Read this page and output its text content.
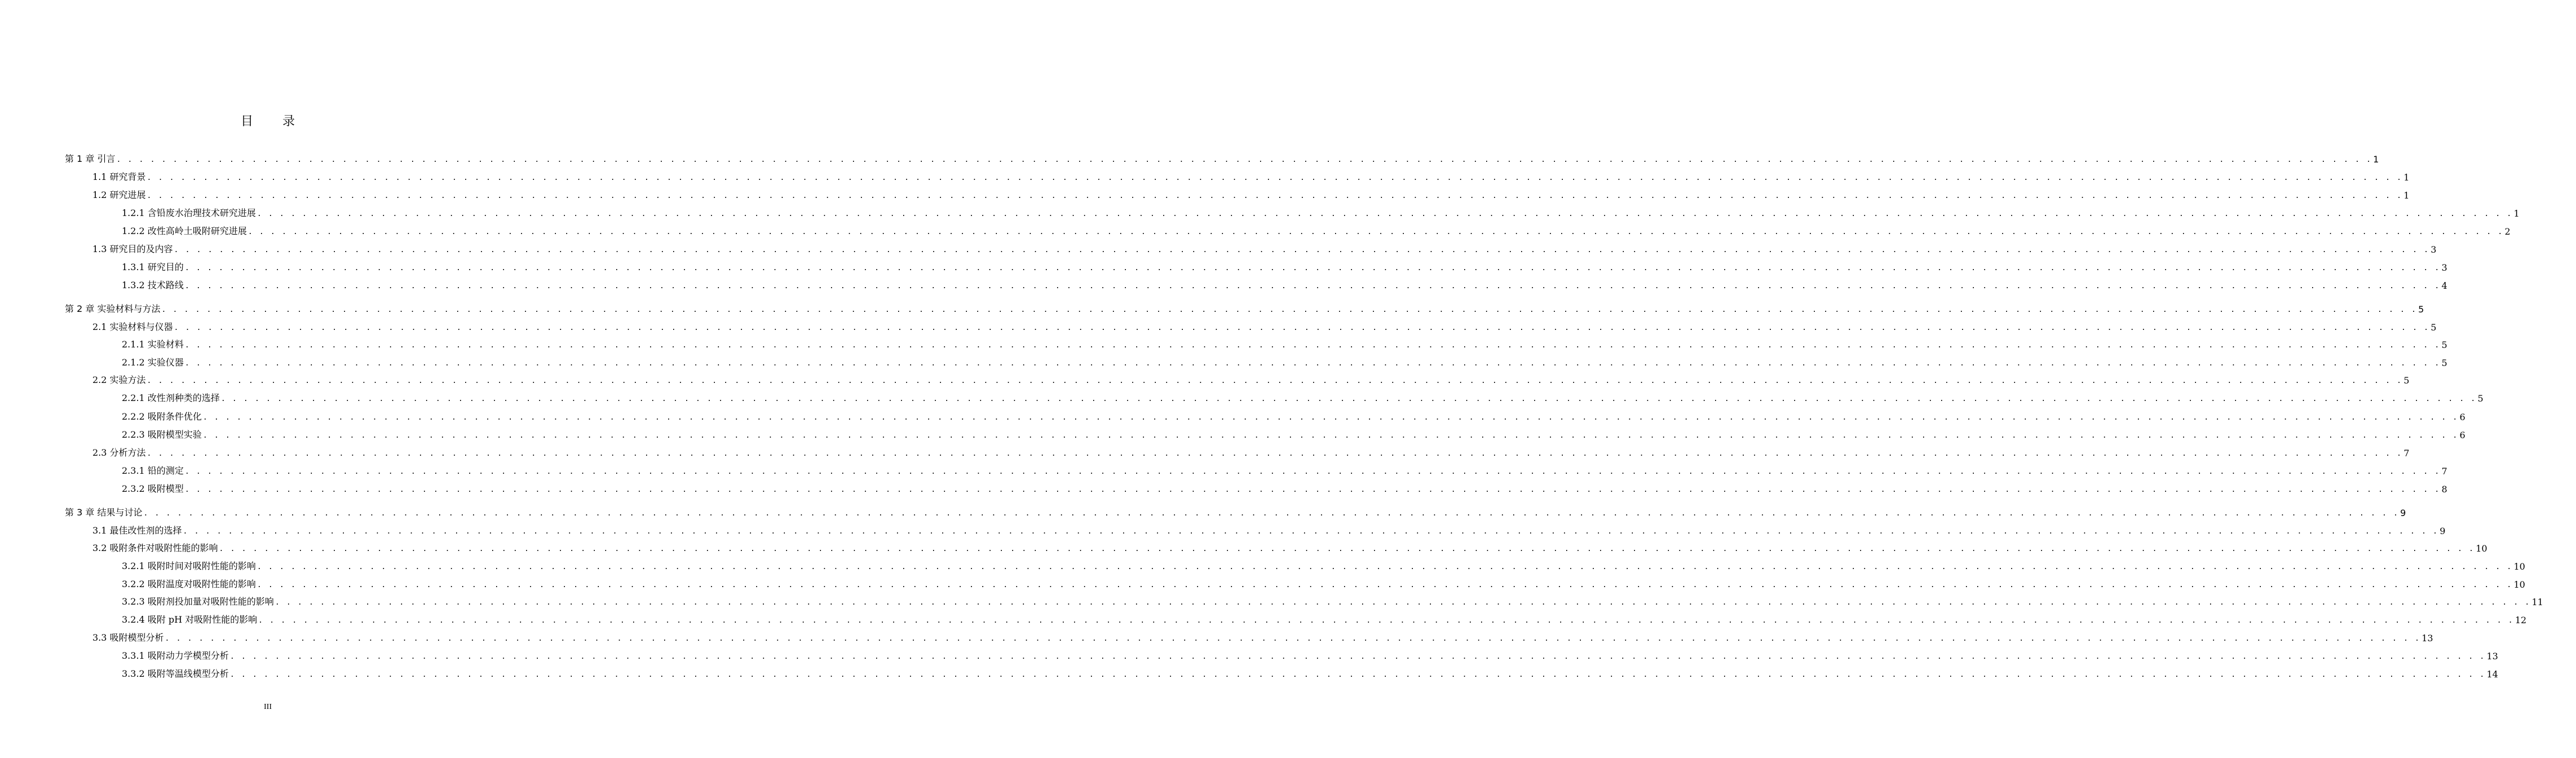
目录
第 1 章 引言 . . . . . . . . . . . . . . . . . . . . . . . . . . . . . . . . . . . . . . . . . . . . . . . . . . . . . . . . . . . . . . . . . . . . . . . . . . . . . . . . . . . . . . . . . . . . . . . . . . . . . . . . . . . . . . . . . . . . . . . . . . . . . . . . . . . . . . . . . . . . . . . . . . . . . . . . . . . . . . . . . . . . . . . . . . . . . . . . . . . . . . . . . . . . . . . . . . . . . . . . 1
1.1 研究背景 . . . . . . . . . . . . . . . . . . . . . . . . . . . . . . . . . . . . . . . . . . . . . . . . . . . . . . . . . . . . . . . . . . . . . . . . . . . . . . . . . . . . . . . . . . . . . . . . . . . . . . . . . . . . . . . . . . . . . . . . . . . . . . . . . . . . . . . . . . . . . . . . . . . . . . . . . . . . . . . . . . . . . . . . . . . . . . . . . . . . . . . . . . . . . . . . . . . . . . . . 1
1.2 研究进展 . . . . . . . . . . . . . . . . . . . . . . . . . . . . . . . . . . . . . . . . . . . . . . . . . . . . . . . . . . . . . . . . . . . . . . . . . . . . . . . . . . . . . . . . . . . . . . . . . . . . . . . . . . . . . . . . . . . . . . . . . . . . . . . . . . . . . . . . . . . . . . . . . . . . . . . . . . . . . . . . . . . . . . . . . . . . . . . . . . . . . . . . . . . . . . . . . . . . . . . . 1
1.2.1 含铅废水治理技术研究进展 . . . . . . . . . . . . . . . . . . . . . . . . . . . . . . . . . . . . . . . . . . . . . . . . . . . . . . . . . . . . . . . . . . . . . . . . . . . . . . . . . . . . . . . . . . . . . . . . . . . . . . . . . . . . . . . . . . . . . . . . . . . . . . . . . . . . . . . . . . . . . . . . . . . . . . . . . . . . . . . . . . . . . . . . . . . . . . . . . . . . . . . . . . . . . . . . . . . . . . . . 1
1.2.2 改性高岭土吸附研究进展 . . . . . . . . . . . . . . . . . . . . . . . . . . . . . . . . . . . . . . . . . . . . . . . . . . . . . . . . . . . . . . . . . . . . . . . . . . . . . . . . . . . . . . . . . . . . . . . . . . . . . . . . . . . . . . . . . . . . . . . . . . . . . . . . . . . . . . . . . . . . . . . . . . . . . . . . . . . . . . . . . . . . . . . . . . . . . . . . . . . . . . . . . . . . . . . . . . . . . . . . 2
1.3 研究目的及内容 . . . . . . . . . . . . . . . . . . . . . . . . . . . . . . . . . . . . . . . . . . . . . . . . . . . . . . . . . . . . . . . . . . . . . . . . . . . . . . . . . . . . . . . . . . . . . . . . . . . . . . . . . . . . . . . . . . . . . . . . . . . . . . . . . . . . . . . . . . . . . . . . . . . . . . . . . . . . . . . . . . . . . . . . . . . . . . . . . . . . . . . . . . . . . . . . . . . . . . . . 3
1.3.1 研究目的 . . . . . . . . . . . . . . . . . . . . . . . . . . . . . . . . . . . . . . . . . . . . . . . . . . . . . . . . . . . . . . . . . . . . . . . . . . . . . . . . . . . . . . . . . . . . . . . . . . . . . . . . . . . . . . . . . . . . . . . . . . . . . . . . . . . . . . . . . . . . . . . . . . . . . . . . . . . . . . . . . . . . . . . . . . . . . . . . . . . . . . . . . . . . . . . . . . . . . . . . 3
1.3.2 技术路线 . . . . . . . . . . . . . . . . . . . . . . . . . . . . . . . . . . . . . . . . . . . . . . . . . . . . . . . . . . . . . . . . . . . . . . . . . . . . . . . . . . . . . . . . . . . . . . . . . . . . . . . . . . . . . . . . . . . . . . . . . . . . . . . . . . . . . . . . . . . . . . . . . . . . . . . . . . . . . . . . . . . . . . . . . . . . . . . . . . . . . . . . . . . . . . . . . . . . . . . . 4
第 2 章 实验材料与方法 . . . . . . . . . . . . . . . . . . . . . . . . . . . . . . . . . . . . . . . . . . . . . . . . . . . . . . . . . . . . . . . . . . . . . . . . . . . . . . . . . . . . . . . . . . . . . . . . . . . . . . . . . . . . . . . . . . . . . . . . . . . . . . . . . . . . . . . . . . . . . . . . . . . . . . . . . . . . . . . . . . . . . . . . . . . . . . . . . . . . . . . . . . . . . . . . . . . . . . . . 5
2.1 实验材料与仪器 . . . . . . . . . . . . . . . . . . . . . . . . . . . . . . . . . . . . . . . . . . . . . . . . . . . . . . . . . . . . . . . . . . . . . . . . . . . . . . . . . . . . . . . . . . . . . . . . . . . . . . . . . . . . . . . . . . . . . . . . . . . . . . . . . . . . . . . . . . . . . . . . . . . . . . . . . . . . . . . . . . . . . . . . . . . . . . . . . . . . . . . . . . . . . . . . . . . . . . . . 5
2.1.1 实验材料 . . . . . . . . . . . . . . . . . . . . . . . . . . . . . . . . . . . . . . . . . . . . . . . . . . . . . . . . . . . . . . . . . . . . . . . . . . . . . . . . . . . . . . . . . . . . . . . . . . . . . . . . . . . . . . . . . . . . . . . . . . . . . . . . . . . . . . . . . . . . . . . . . . . . . . . . . . . . . . . . . . . . . . . . . . . . . . . . . . . . . . . . . . . . . . . . . . . . . . . . 5
2.1.2 实验仪器 . . . . . . . . . . . . . . . . . . . . . . . . . . . . . . . . . . . . . . . . . . . . . . . . . . . . . . . . . . . . . . . . . . . . . . . . . . . . . . . . . . . . . . . . . . . . . . . . . . . . . . . . . . . . . . . . . . . . . . . . . . . . . . . . . . . . . . . . . . . . . . . . . . . . . . . . . . . . . . . . . . . . . . . . . . . . . . . . . . . . . . . . . . . . . . . . . . . . . . . . 5
2.2 实验方法 . . . . . . . . . . . . . . . . . . . . . . . . . . . . . . . . . . . . . . . . . . . . . . . . . . . . . . . . . . . . . . . . . . . . . . . . . . . . . . . . . . . . . . . . . . . . . . . . . . . . . . . . . . . . . . . . . . . . . . . . . . . . . . . . . . . . . . . . . . . . . . . . . . . . . . . . . . . . . . . . . . . . . . . . . . . . . . . . . . . . . . . . . . . . . . . . . . . . . . . . 5
2.2.1 改性剂种类的选择 . . . . . . . . . . . . . . . . . . . . . . . . . . . . . . . . . . . . . . . . . . . . . . . . . . . . . . . . . . . . . . . . . . . . . . . . . . . . . . . . . . . . . . . . . . . . . . . . . . . . . . . . . . . . . . . . . . . . . . . . . . . . . . . . . . . . . . . . . . . . . . . . . . . . . . . . . . . . . . . . . . . . . . . . . . . . . . . . . . . . . . . . . . . . . . . . . . . . . . . . 5
2.2.2 吸附条件优化 . . . . . . . . . . . . . . . . . . . . . . . . . . . . . . . . . . . . . . . . . . . . . . . . . . . . . . . . . . . . . . . . . . . . . . . . . . . . . . . . . . . . . . . . . . . . . . . . . . . . . . . . . . . . . . . . . . . . . . . . . . . . . . . . . . . . . . . . . . . . . . . . . . . . . . . . . . . . . . . . . . . . . . . . . . . . . . . . . . . . . . . . . . . . . . . . . . . . . . . . 6
2.2.3 吸附模型实验 . . . . . . . . . . . . . . . . . . . . . . . . . . . . . . . . . . . . . . . . . . . . . . . . . . . . . . . . . . . . . . . . . . . . . . . . . . . . . . . . . . . . . . . . . . . . . . . . . . . . . . . . . . . . . . . . . . . . . . . . . . . . . . . . . . . . . . . . . . . . . . . . . . . . . . . . . . . . . . . . . . . . . . . . . . . . . . . . . . . . . . . . . . . . . . . . . . . . . . . . 6
2.3 分析方法 . . . . . . . . . . . . . . . . . . . . . . . . . . . . . . . . . . . . . . . . . . . . . . . . . . . . . . . . . . . . . . . . . . . . . . . . . . . . . . . . . . . . . . . . . . . . . . . . . . . . . . . . . . . . . . . . . . . . . . . . . . . . . . . . . . . . . . . . . . . . . . . . . . . . . . . . . . . . . . . . . . . . . . . . . . . . . . . . . . . . . . . . . . . . . . . . . . . . . . . . 7
2.3.1 铅的测定 . . . . . . . . . . . . . . . . . . . . . . . . . . . . . . . . . . . . . . . . . . . . . . . . . . . . . . . . . . . . . . . . . . . . . . . . . . . . . . . . . . . . . . . . . . . . . . . . . . . . . . . . . . . . . . . . . . . . . . . . . . . . . . . . . . . . . . . . . . . . . . . . . . . . . . . . . . . . . . . . . . . . . . . . . . . . . . . . . . . . . . . . . . . . . . . . . . . . . . . . 7
2.3.2 吸附模型 . . . . . . . . . . . . . . . . . . . . . . . . . . . . . . . . . . . . . . . . . . . . . . . . . . . . . . . . . . . . . . . . . . . . . . . . . . . . . . . . . . . . . . . . . . . . . . . . . . . . . . . . . . . . . . . . . . . . . . . . . . . . . . . . . . . . . . . . . . . . . . . . . . . . . . . . . . . . . . . . . . . . . . . . . . . . . . . . . . . . . . . . . . . . . . . . . . . . . . . . 8
第 3 章 结果与讨论 . . . . . . . . . . . . . . . . . . . . . . . . . . . . . . . . . . . . . . . . . . . . . . . . . . . . . . . . . . . . . . . . . . . . . . . . . . . . . . . . . . . . . . . . . . . . . . . . . . . . . . . . . . . . . . . . . . . . . . . . . . . . . . . . . . . . . . . . . . . . . . . . . . . . . . . . . . . . . . . . . . . . . . . . . . . . . . . . . . . . . . . . . . . . . . . . . . . . . . . . 9
3.1 最佳改性剂的选择 . . . . . . . . . . . . . . . . . . . . . . . . . . . . . . . . . . . . . . . . . . . . . . . . . . . . . . . . . . . . . . . . . . . . . . . . . . . . . . . . . . . . . . . . . . . . . . . . . . . . . . . . . . . . . . . . . . . . . . . . . . . . . . . . . . . . . . . . . . . . . . . . . . . . . . . . . . . . . . . . . . . . . . . . . . . . . . . . . . . . . . . . . . . . . . . . . . . . . . . . 9
3.2 吸附条件对吸附性能的影响 . . . . . . . . . . . . . . . . . . . . . . . . . . . . . . . . . . . . . . . . . . . . . . . . . . . . . . . . . . . . . . . . . . . . . . . . . . . . . . . . . . . . . . . . . . . . . . . . . . . . . . . . . . . . . . . . . . . . . . . . . . . . . . . . . . . . . . . . . . . . . . . . . . . . . . . . . . . . . . . . . . . . . . . . . . . . . . . . . . . . . . . . . . . . . . . . . . . . . . . . 10
3.2.1 吸附时间对吸附性能的影响 . . . . . . . . . . . . . . . . . . . . . . . . . . . . . . . . . . . . . . . . . . . . . . . . . . . . . . . . . . . . . . . . . . . . . . . . . . . . . . . . . . . . . . . . . . . . . . . . . . . . . . . . . . . . . . . . . . . . . . . . . . . . . . . . . . . . . . . . . . . . . . . . . . . . . . . . . . . . . . . . . . . . . . . . . . . . . . . . . . . . . . . . . . . . . . . . . . . . . . . . 10
3.2.2 吸附温度对吸附性能的影响 . . . . . . . . . . . . . . . . . . . . . . . . . . . . . . . . . . . . . . . . . . . . . . . . . . . . . . . . . . . . . . . . . . . . . . . . . . . . . . . . . . . . . . . . . . . . . . . . . . . . . . . . . . . . . . . . . . . . . . . . . . . . . . . . . . . . . . . . . . . . . . . . . . . . . . . . . . . . . . . . . . . . . . . . . . . . . . . . . . . . . . . . . . . . . . . . . . . . . . . . 10
3.2.3 吸附剂投加量对吸附性能的影响 . . . . . . . . . . . . . . . . . . . . . . . . . . . . . . . . . . . . . . . . . . . . . . . . . . . . . . . . . . . . . . . . . . . . . . . . . . . . . . . . . . . . . . . . . . . . . . . . . . . . . . . . . . . . . . . . . . . . . . . . . . . . . . . . . . . . . . . . . . . . . . . . . . . . . . . . . . . . . . . . . . . . . . . . . . . . . . . . . . . . . . . . . . . . . . . . . . . . . . . . 11
3.2.4 吸附 pH 对吸附性能的影响 . . . . . . . . . . . . . . . . . . . . . . . . . . . . . . . . . . . . . . . . . . . . . . . . . . . . . . . . . . . . . . . . . . . . . . . . . . . . . . . . . . . . . . . . . . . . . . . . . . . . . . . . . . . . . . . . . . . . . . . . . . . . . . . . . . . . . . . . . . . . . . . . . . . . . . . . . . . . . . . . . . . . . . . . . . . . . . . . . . . . . . . . . . . . . . . . . . . . . . . . 12
3.3 吸附模型分析 . . . . . . . . . . . . . . . . . . . . . . . . . . . . . . . . . . . . . . . . . . . . . . . . . . . . . . . . . . . . . . . . . . . . . . . . . . . . . . . . . . . . . . . . . . . . . . . . . . . . . . . . . . . . . . . . . . . . . . . . . . . . . . . . . . . . . . . . . . . . . . . . . . . . . . . . . . . . . . . . . . . . . . . . . . . . . . . . . . . . . . . . . . . . . . . . . . . . . . . . 13
3.3.1 吸附动力学模型分析 . . . . . . . . . . . . . . . . . . . . . . . . . . . . . . . . . . . . . . . . . . . . . . . . . . . . . . . . . . . . . . . . . . . . . . . . . . . . . . . . . . . . . . . . . . . . . . . . . . . . . . . . . . . . . . . . . . . . . . . . . . . . . . . . . . . . . . . . . . . . . . . . . . . . . . . . . . . . . . . . . . . . . . . . . . . . . . . . . . . . . . . . . . . . . . . . . . . . . . . . 13
3.3.2 吸附等温线模型分析 . . . . . . . . . . . . . . . . . . . . . . . . . . . . . . . . . . . . . . . . . . . . . . . . . . . . . . . . . . . . . . . . . . . . . . . . . . . . . . . . . . . . . . . . . . . . . . . . . . . . . . . . . . . . . . . . . . . . . . . . . . . . . . . . . . . . . . . . . . . . . . . . . . . . . . . . . . . . . . . . . . . . . . . . . . . . . . . . . . . . . . . . . . . . . . . . . . . . . . . . 14
III
